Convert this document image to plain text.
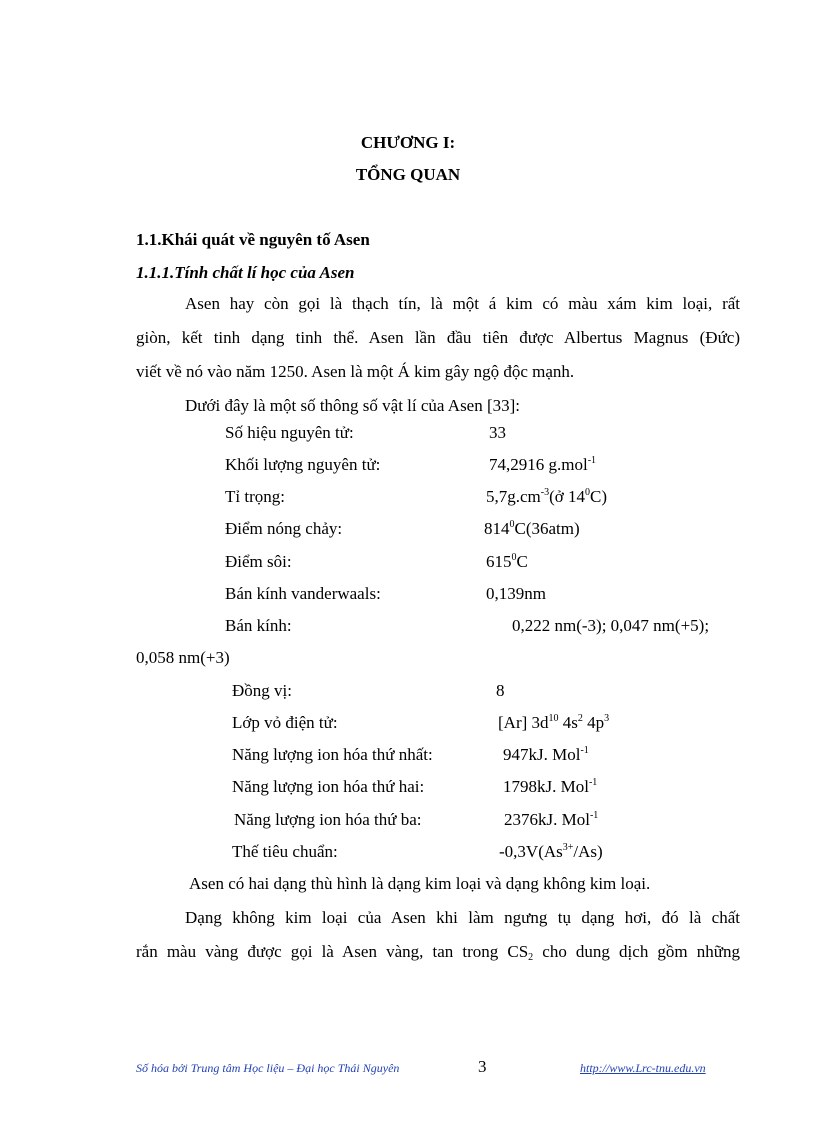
CHƯƠNG I:
TỔNG QUAN
1.1.Khái quát về nguyên tố Asen
1.1.1.Tính chất lí học của Asen
Asen hay còn gọi là thạch tín, là một á kim có màu xám kim loại, rất
giòn, kết tinh dạng tinh thể. Asen lần đầu tiên được Albertus Magnus (Đức)
viết về nó vào năm 1250. Asen là một Á kim gây ngộ độc mạnh.
Dưới đây là một số thông số vật lí của Asen [33]:
Số hiệu nguyên tử:	33
Khối lượng nguyên tử:	74,2916 g.mol$^{-1}$
Tỉ trọng:	$5,7g.cm^{-3}(ở$ $14^0C$)
Điểm nóng chảy:	$814^0C(36atm)$
Điểm sôi:	$615^0C$
Bán kính vanderwaals:	0,139nm
Bán kính:	0,222 nm(-3); 0,047 nm(+5);
0,058 nm(+3)
Đồng vị:	8
Lớp vỏ điện tử:	[Ar] $3d^{10}$ $4s^2$ $4p^3$
Năng lượng ion hóa thứ nhất:	947kJ. Mol$^{-1}$
Năng lượng ion hóa thứ hai:	1798kJ. Mol$^{-1}$
Năng lượng ion hóa thứ ba:	2376kJ. Mol$^{-1}$
Thế tiêu chuẩn:	$-0,3V(As^{3+}/As)$
Asen có hai dạng thù hình là dạng kim loại và dạng không kim loại.
Dạng không kim loại của Asen khi làm ngưng tụ dạng hơi, đó là chất
rắn màu vàng được gọi là Asen vàng, tan trong $CS_2$ cho dung dịch gồm những
Số hóa bởi Trung tâm Học liệu – Đại học Thái Nguyên	3	http://www.Lrc-tnu.edu.vn
